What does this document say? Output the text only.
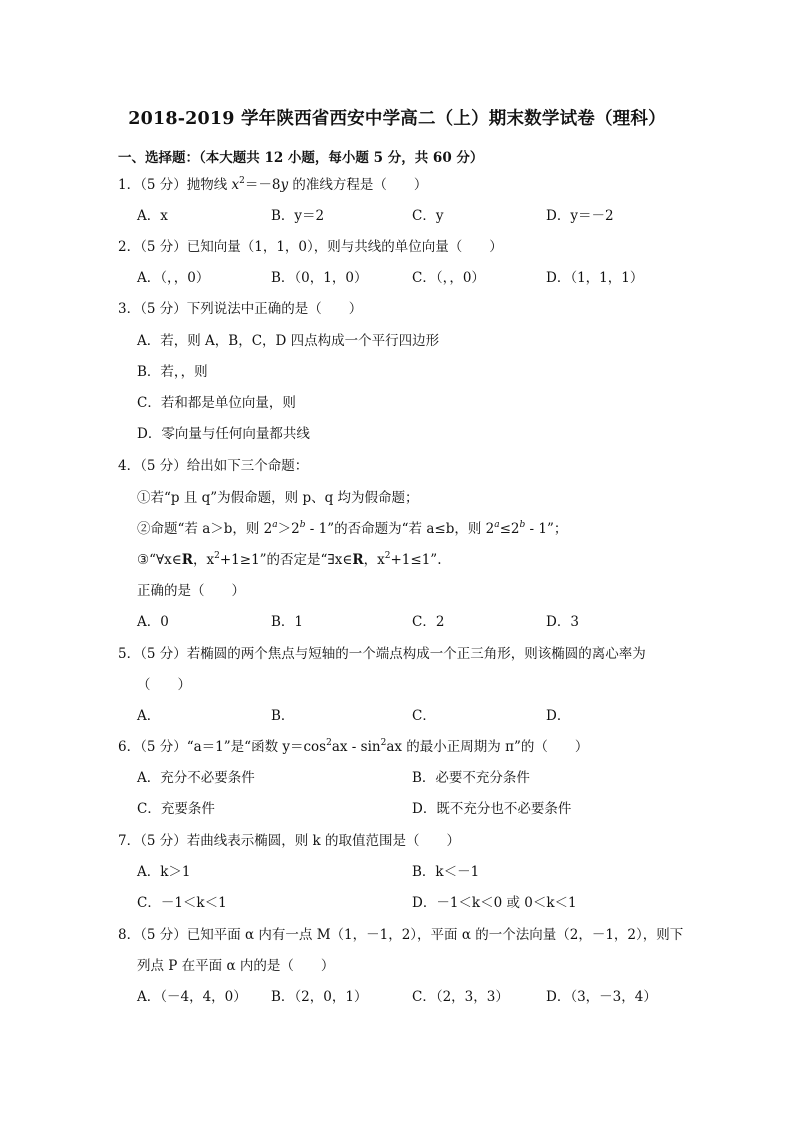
2018-2019 学年陕西省西安中学高二（上）期末数学试卷（理科）
一、选择题：（本大题共 12 小题，每小题 5 分，共 60 分）
1．（5 分）抛物线 $x^2=-8y$ 的准线方程是（　　）
A．x	B．y＝2	C．y	D．y＝－2
2．（5 分）已知向量（1，1，0），则与共线的单位向量（　　）
A．（，，0）	B．（0，1，0）	C．（，，0）	D．（1，1，1）
3．（5 分）下列说法中正确的是（　　）
A．若，则 A，B，C，D 四点构成一个平行四边形
B．若，，则
C．若和都是单位向量，则
D．零向量与任何向量都共线
4．（5 分）给出如下三个命题：
①若“p 且 q”为假命题，则 p、q 均为假命题；
②命题“若 a＞b，则 $2^a>2^b - 1$”的否命题为“若 a≤b，则 $2^a\le 2^b - 1$”；
③“∀x∈R，$x^2+1\ge 1$”的否定是“∃x∈R，$x^2+1\le 1$”.
正确的是（　　）
A．0	B．1	C．2	D．3
5．（5 分）若椭圆的两个焦点与短轴的一个端点构成一个正三角形，则该椭圆的离心率为
（　　）
A．	B．	C．	D．
6．（5 分）“a＝1”是“函数 $y=\cos^2ax - \sin^2ax$ 的最小正周期为 π”的（　　）
A．充分不必要条件	B．必要不充分条件
C．充要条件	D．既不充分也不必要条件
7．（5 分）若曲线表示椭圆，则 k 的取值范围是（　　）
A．k＞1	B．k＜－1
C．－1＜k＜1	D．－1＜k＜0 或 0＜k＜1
8．（5 分）已知平面 α 内有一点 M（1，－1，2），平面 α 的一个法向量（2，－1，2），则下
列点 P 在平面 α 内的是（　　）
A．（－4，4，0） B．（2，0，1）	C．（2，3，3）	D．（3，－3，4）
